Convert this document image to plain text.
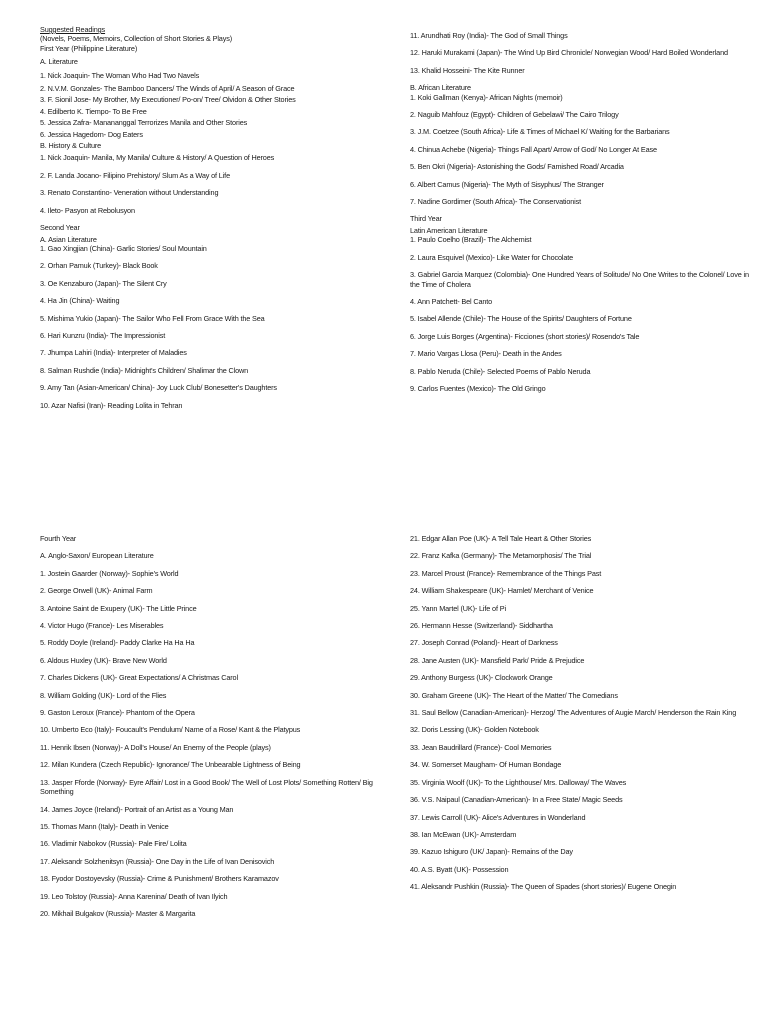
Suggested Readings
(Novels, Poems, Memoirs, Collection of Short Stories & Plays)
First Year (Philippine Literature)
A. Literature
1. Nick Joaquin- The Woman Who Had Two Navels
2. N.V.M. Gonzales- The Bamboo Dancers/ The Winds of April/ A Season of Grace
3. F. Sionil Jose- My Brother, My Executioner/ Po-on/ Tree/ Olvidon & Other Stories
4. Edilberto K. Tiempo- To Be Free
5. Jessica Zafra- Manananggal Terrorizes Manila and Other Stories
6. Jessica Hagedorn- Dog Eaters
B. History & Culture
1. Nick Joaquin- Manila, My Manila/ Culture & History/ A Question of Heroes
2. F. Landa Jocano- Filipino Prehistory/ Slum As a Way of Life
3. Renato Constantino- Veneration without Understanding
4. Ileto- Pasyon at Rebolusyon
Second Year
A. Asian Literature
1. Gao Xingjian (China)- Garlic Stories/ Soul Mountain
2. Orhan Pamuk (Turkey)- Black Book
3. Oe Kenzaburo (Japan)- The Silent Cry
4. Ha Jin (China)- Waiting
5. Mishima Yukio (Japan)- The Sailor Who Fell From Grace With the Sea
6. Hari Kunzru (India)- The Impressionist
7. Jhumpa Lahiri (India)- Interpreter of Maladies
8. Salman Rushdie (India)- Midnight's Children/ Shalimar the Clown
9. Amy Tan (Asian-American/ China)- Joy Luck Club/ Bonesetter's Daughters
10. Azar Nafisi (Iran)- Reading Lolita in Tehran
11. Arundhati Roy (India)- The God of Small Things
12. Haruki Murakami (Japan)- The Wind Up Bird Chronicle/ Norwegian Wood/ Hard Boiled Wonderland
13. Khalid Hosseini- The Kite Runner
B. African Literature
1. Koki Gallman (Kenya)- African Nights (memoir)
2. Naguib Mahfouz (Egypt)- Children of Gebelawi/ The Cairo Trilogy
3. J.M. Coetzee (South Africa)- Life & Times of Michael K/ Waiting for the Barbarians
4. Chinua Achebe (Nigeria)- Things Fall Apart/ Arrow of God/ No Longer At Ease
5. Ben Okri (Nigeria)- Astonishing the Gods/ Famished Road/ Arcadia
6. Albert Camus (Nigeria)- The Myth of Sisyphus/ The Stranger
7. Nadine Gordimer (South Africa)- The Conservationist
Third Year
Latin American Literature
1. Paulo Coelho (Brazil)- The Alchemist
2. Laura Esquivel (Mexico)- Like Water for Chocolate
3. Gabriel Garcia Marquez (Colombia)- One Hundred Years of Solitude/ No One Writes to the Colonel/ Love in the Time of Cholera
4. Ann Patchett- Bel Canto
5. Isabel Allende (Chile)- The House of the Spirits/ Daughters of Fortune
6. Jorge Luis Borges (Argentina)- Ficciones (short stories)/ Rosendo's Tale
7. Mario Vargas Llosa (Peru)- Death in the Andes
8. Pablo Neruda (Chile)- Selected Poems of Pablo Neruda
9. Carlos Fuentes (Mexico)- The Old Gringo
Fourth Year
A. Anglo-Saxon/ European Literature
1. Jostein Gaarder (Norway)- Sophie's World
2. George Orwell (UK)- Animal Farm
3. Antoine Saint de Exupery (UK)- The Little Prince
4. Victor Hugo (France)- Les Miserables
5. Roddy Doyle (Ireland)- Paddy Clarke Ha Ha Ha
6. Aldous Huxley (UK)- Brave New World
7. Charles Dickens (UK)- Great Expectations/ A Christmas Carol
8. William Golding (UK)- Lord of the Flies
9. Gaston Leroux (France)- Phantom of the Opera
10. Umberto Eco (Italy)- Foucault's Pendulum/ Name of a Rose/ Kant & the Platypus
11. Henrik Ibsen (Norway)- A Doll's House/ An Enemy of the People (plays)
12. Milan Kundera (Czech Republic)- Ignorance/ The Unbearable Lightness of Being
13. Jasper Fforde (Norway)- Eyre Affair/ Lost in a Good Book/ The Well of Lost Plots/ Something Rotten/ Big Something
14. James Joyce (Ireland)- Portrait of an Artist as a Young Man
15. Thomas Mann (Italy)- Death in Venice
16. Vladimir Nabokov (Russia)- Pale Fire/ Lolita
17. Aleksandr Solzhenitsyn (Russia)- One Day in the Life of Ivan Denisovich
18. Fyodor Dostoyevsky (Russia)- Crime & Punishment/ Brothers Karamazov
19. Leo Tolstoy (Russia)- Anna Karenina/ Death of Ivan Ilyich
20. Mikhail Bulgakov (Russia)- Master & Margarita
21. Edgar Allan Poe (UK)- A Tell Tale Heart & Other Stories
22. Franz Kafka (Germany)- The Metamorphosis/ The Trial
23. Marcel Proust (France)- Remembrance of the Things Past
24. William Shakespeare (UK)- Hamlet/ Merchant of Venice
25. Yann Martel (UK)- Life of Pi
26. Hermann Hesse (Switzerland)- Siddhartha
27. Joseph Conrad (Poland)- Heart of Darkness
28. Jane Austen (UK)- Mansfield Park/ Pride & Prejudice
29. Anthony Burgess (UK)- Clockwork Orange
30. Graham Greene (UK)- The Heart of the Matter/ The Comedians
31. Saul Bellow (Canadian-American)- Herzog/ The Adventures of Augie March/ Henderson the Rain King
32. Doris Lessing (UK)- Golden Notebook
33. Jean Baudrillard (France)- Cool Memories
34. W. Somerset Maugham- Of Human Bondage
35. Virginia Woolf (UK)- To the Lighthouse/ Mrs. Dalloway/ The Waves
36. V.S. Naipaul (Canadian-American)- In a Free State/ Magic Seeds
37. Lewis Carroll (UK)- Alice's Adventures in Wonderland
38. Ian McEwan (UK)- Amsterdam
39. Kazuo Ishiguro (UK/ Japan)- Remains of the Day
40. A.S. Byatt (UK)- Possession
41. Aleksandr Pushkin (Russia)- The Queen of Spades (short stories)/ Eugene Onegin
